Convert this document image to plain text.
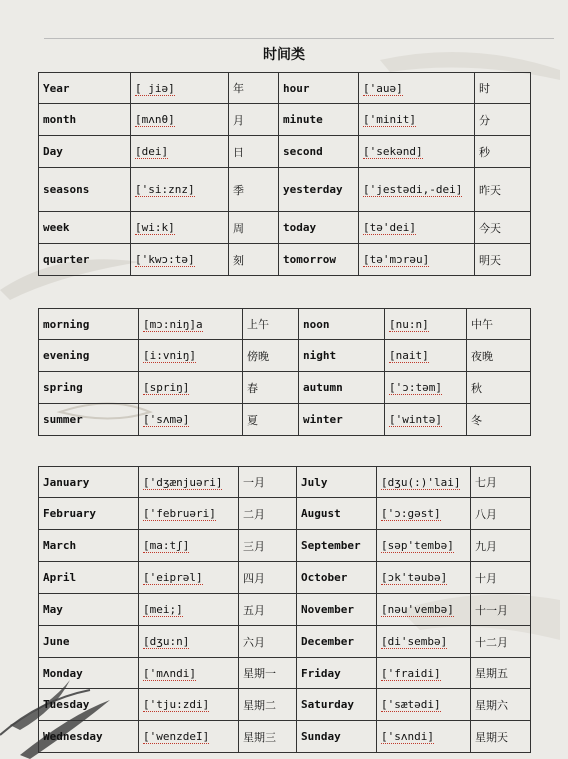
时间类
Year	[ jiə]	年	hour	['auə]	时
month	[mʌnθ]	月	minute	['minit]	分
Day	[dei]	日	second	['sekənd]	秒
seasons	['si:znz]	季	yesterday	['jestədi,-dei]	昨天
week	[wi:k]	周	today	[tə'dei]	今天
quarter	['kwɔ:tə]	刻	tomorrow	[tə'mɔrəu]	明天
morning	[mɔ:niŋ]a	上午	noon	[nu:n]	中午
evening	[i:vniŋ]	傍晚	night	[nait]	夜晚
spring	[spriŋ]	春	autumn	['ɔ:təm]	秋
summer	['sʌmə]	夏	winter	['wintə]	冬
January	['dʒænjuəri]	一月	July	[dʒu(:)'lai]	七月
February	['februəri]	二月	August	['ɔ:gəst]	八月
March	[ma:tʃ]	三月	September	[səp'tembə]	九月
April	['eiprəl]	四月	October	[ɔk'təubə]	十月
May	[mei;]	五月	November	[nəu'vembə]	十一月
June	[dʒu:n]	六月	December	[di'sembə]	十二月
Monday	['mʌndi]	星期一	Friday	['fraidi]	星期五
Tuesday	['tju:zdi]	星期二	Saturday	['sætədi]	星期六
Wednesday	['wenzdeI]	星期三	Sunday	['sʌndi]	星期天
